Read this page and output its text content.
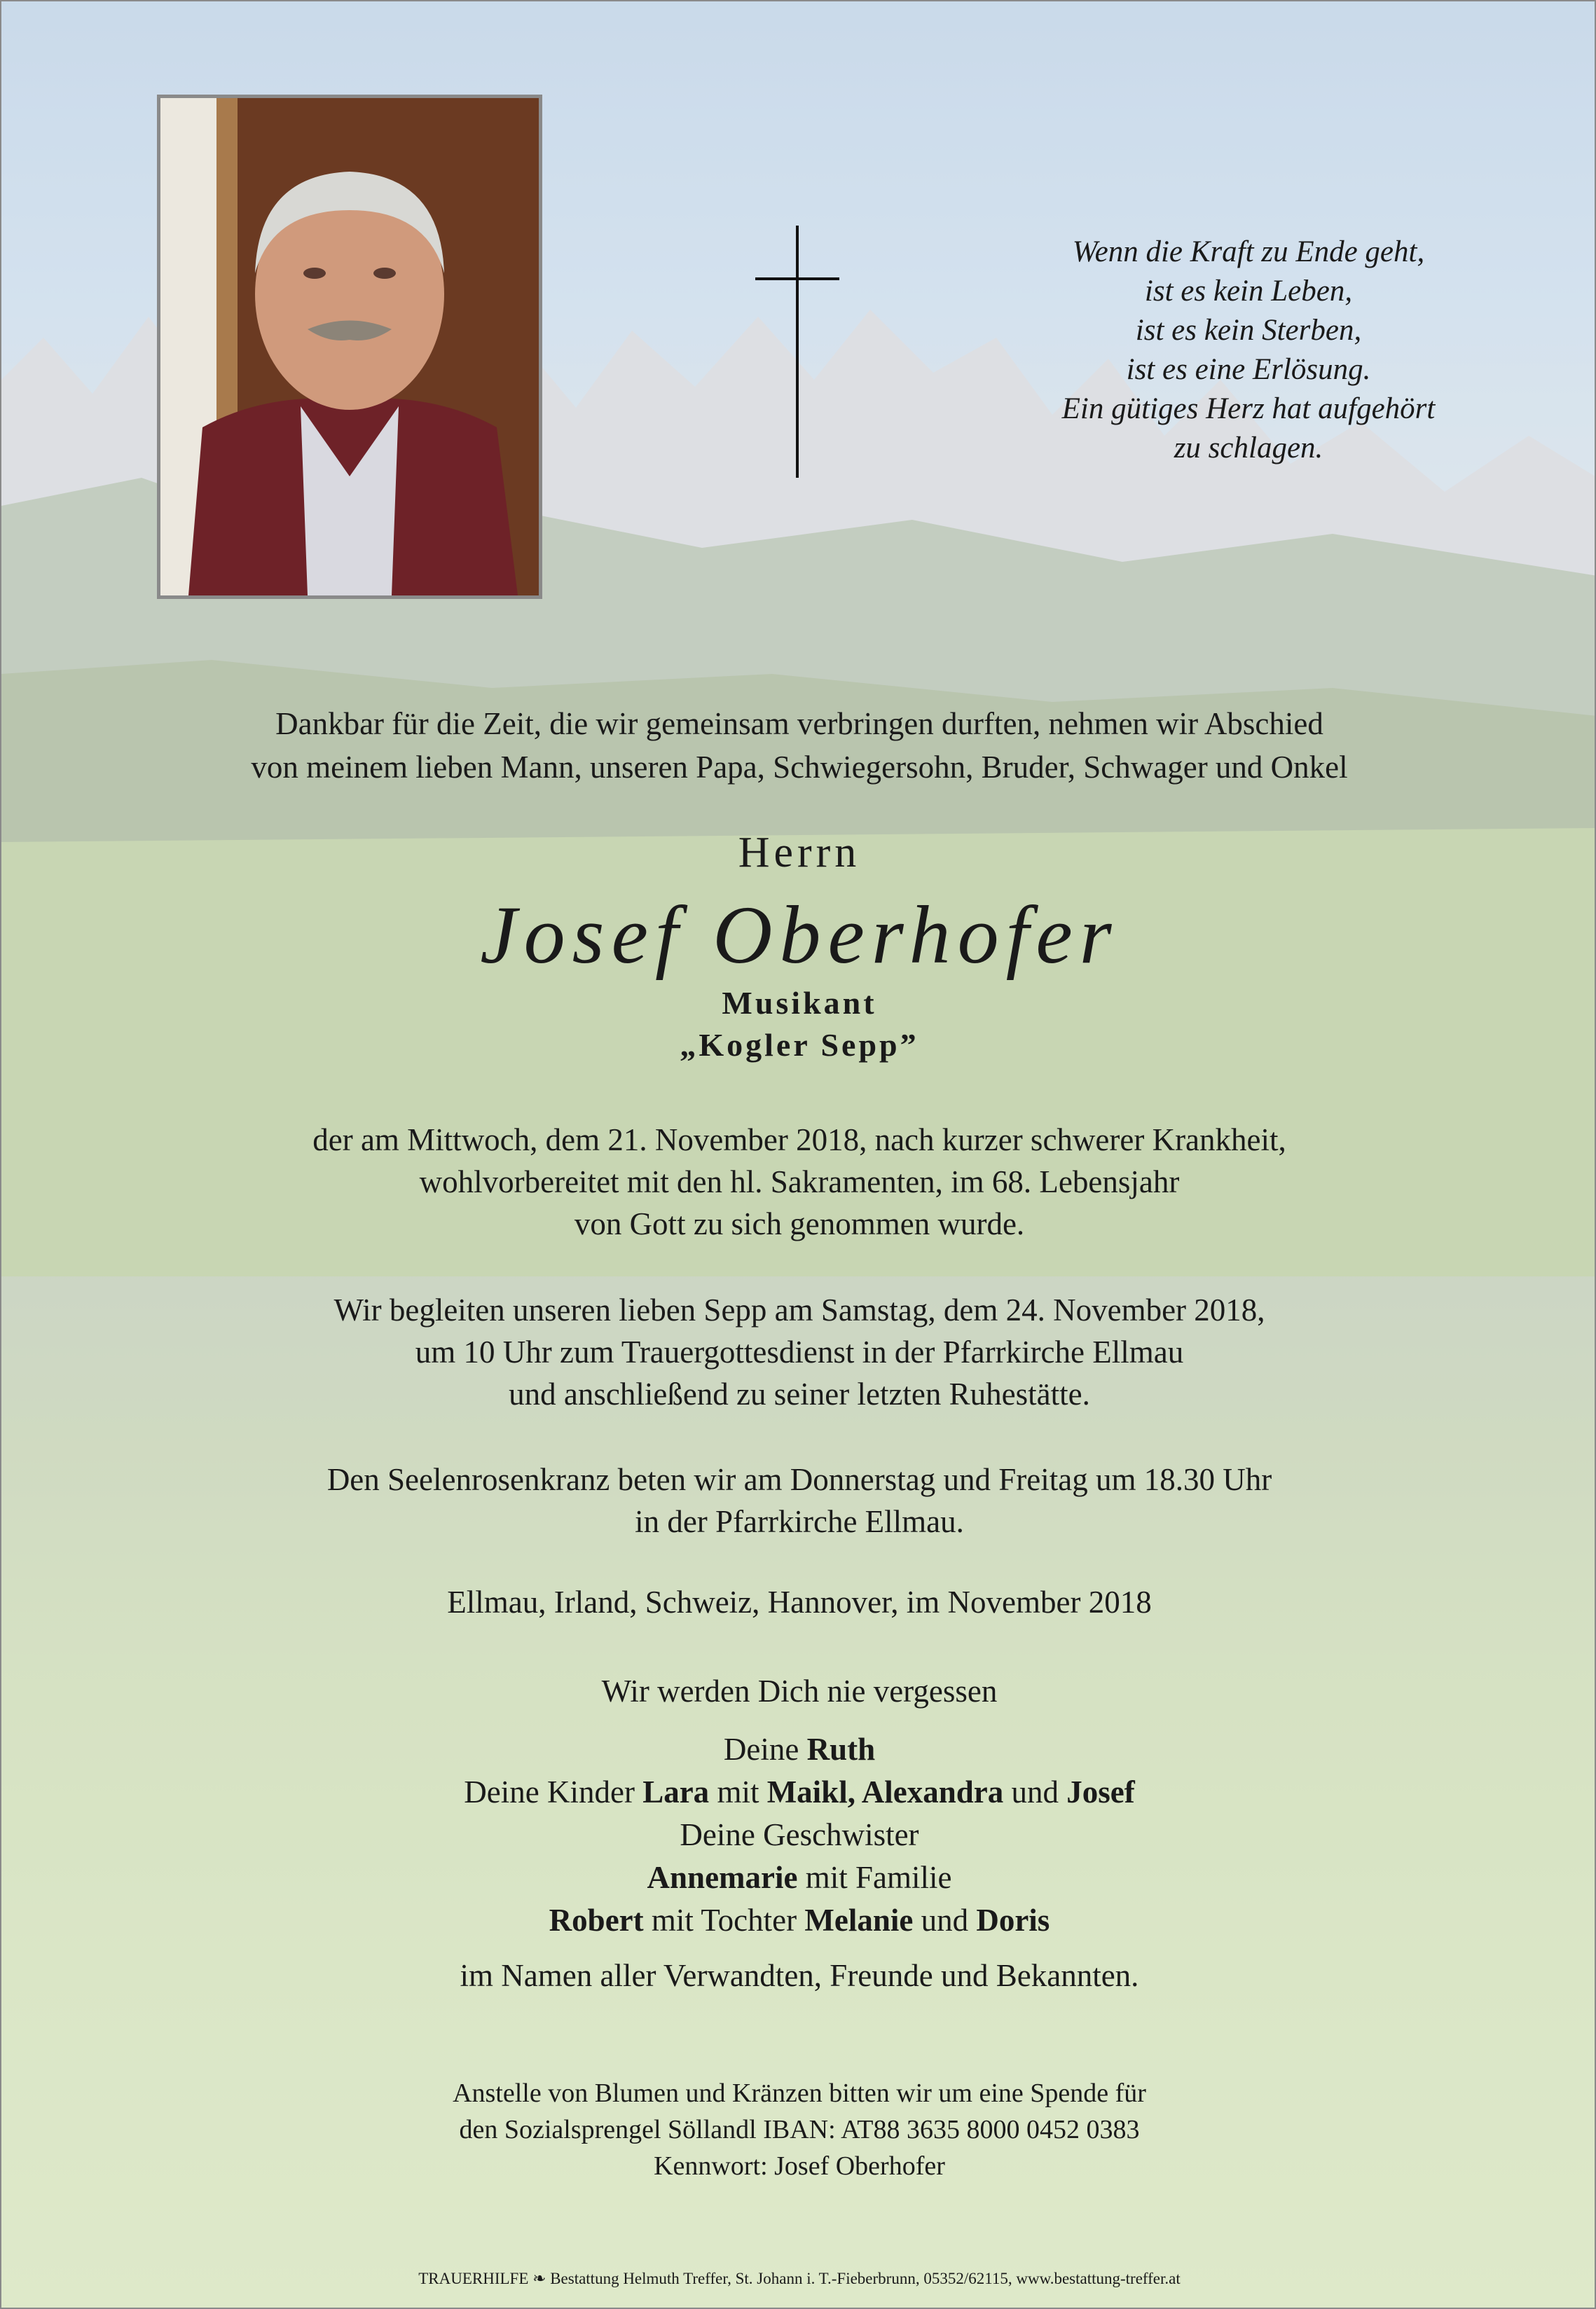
Wenn die Kraft zu Ende geht,
ist es kein Leben,
ist es kein Sterben,
ist es eine Erlösung.
Ein gütiges Herz hat aufgehört
zu schlagen.
Dankbar für die Zeit, die wir gemeinsam verbringen durften, nehmen wir Abschied
von meinem lieben Mann, unseren Papa, Schwiegersohn, Bruder, Schwager und Onkel
Herrn
Josef Oberhofer
Musikant
„Kogler Sepp”
der am Mittwoch, dem 21. November 2018, nach kurzer schwerer Krankheit,
wohlvorbereitet mit den hl. Sakramenten, im 68. Lebensjahr
von Gott zu sich genommen wurde.
Wir begleiten unseren lieben Sepp am Samstag, dem 24. November 2018,
um 10 Uhr zum Trauergottesdienst in der Pfarrkirche Ellmau
und anschließend zu seiner letzten Ruhestätte.
Den Seelenrosenkranz beten wir am Donnerstag und Freitag um 18.30 Uhr
in der Pfarrkirche Ellmau.
Ellmau, Irland, Schweiz, Hannover, im November 2018
Wir werden Dich nie vergessen
Deine Ruth
Deine Kinder Lara mit Maikl, Alexandra und Josef
Deine Geschwister
Annemarie mit Familie
Robert mit Tochter Melanie und Doris
im Namen aller Verwandten, Freunde und Bekannten.
Anstelle von Blumen und Kränzen bitten wir um eine Spende für
den Sozialsprengel Söllandl IBAN: AT88 3635 8000 0452 0383
Kennwort: Josef Oberhofer
TRAUERHILFE ❧ Bestattung Helmuth Treffer, St. Johann i. T.-Fieberbrunn, 05352/62115, www.bestattung-treffer.at
